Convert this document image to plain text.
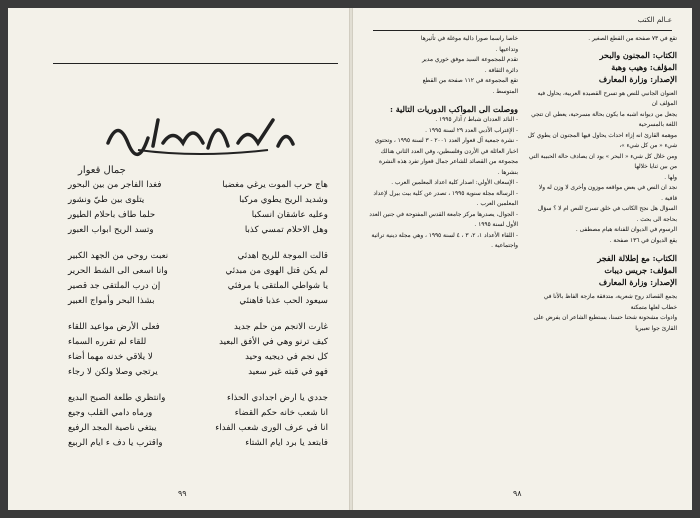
جمال قعوار
هاج حرب الموت يرغي مغضبا
فغدا الفاجر من بين البحور
وشديد الريح يطوي مركبا
يتلوى بين طيّ ونشور
وعليه عاشقان انسكبا
حلما طاف باحلام الطيور
وهل الاحلام تمسي كذبا
وتسد الريح ابواب العبور
قالت الموجة للريح اهدئي
نعبت روحي من الجهد الكبير
لم يكن قتل الهوى من مبدئي
وانا اسعى الى الشط الحرير
يا شواطي الملتقى يا مرفئي
إن درب الملتقى جد قصير
سيعود الحب عذبا فاهنئي
بشذا البحر وأمواج العبير
غارت الانجم من حلم جديد
فعلى الأرض مواعيد اللقاء
كيف ترنو وهي في الأفق البعيد
للقاء لم تقرره السماء
كل نجم في ديجيه وحيد
لا يلاقي خدنه مهما أضاء
فهو في قبته غير سعيد
يرتجي وصلا ولكن لا رجاء
جددي يا ارض اجدادي الحذاء
وانتظري طلعة الصبح البديع
انا شعب خانه حكم القضاء
ورماه دامي القلب وجيع
انا في عرف الورى شعب الفداء
يبتغي ناصية المجد الرفيع
فابتعد يا برد ايام الشتاء
واقترب يا دف ء ايام الربيع
٩٩
عـالم الكتب
تقع في ٧٣ صفحة من القطع الصغير .

الكتاب: المجنون والبحر

المؤلف: وهيب وهبة

الإصدار: وزارة المعارف

العنوان الجانبي للنص هو تسرح القصيدة العربية، يحاول فيه المؤلف ان

يجعل من ديوانه اشبه ما يكون بحالة مسرحية، يعطي ان تتجي اللغة بالمسرحية

موهمة القارئ انه إزاء احداث يحاول فيها المجنون ان يطوي كل شيء « من كل شيء »،

ومن خلال كل شيء « البحر » يود ان يصادف حالة الحبيبة التي من بين ثنايا خلالها

ولها .

نجد ان النص في بعض مواقعه موزون وأخرى لا وزن له ولا قافية .

السؤال هل نجح الكاتب في خلق تسرح للنص ام لا ؟ سؤال بحاجة الى بحث .

الرسوم في الديوان للفنانة هيام مصطفى .

يقع الديوان في ١٣٦ صفحة .

الكتاب: مع إطلالة الفجر

المؤلف: جريس ديبات

الإصدار: وزارة المعارف

يجمع القصائد روح شعرية، متدفقة مازجة الفاظ بالأنا في خطاب لعلها متمكنة

وادوات مشحونة شحنا حسنا، يستطيع الشاعر ان يفرض على القارئ جوا تعبيريا

خاصا راسما صورا دالية موغلة في تأثيرها

وتداعيها .

تقدم للمجموعة السيد موفق خوري مدير

دائرة الثقافة .

تقع المجموعة في ١١٢ صفحة من القطع

المتوسط .

ووصلت الى المواكب الدوريات التالية :

- النائد العددان شباط / آذار ١٩٩٥ .

- الإغتراب الأدبي العدد ٢٩ لسنة ١٩٩٥ .

- نشرة جمعية آل قعوار العدد ٢٠٠١ - ٣ لسنة ١٩٩٥ ، وتحتوي اخبار العائلة في الأردن وفلسطين، وفي العدد الثاني هنالك مجموعة من القصائد للشاعر جمال قعوار تفرد هذه النشرة بنشرها .

- الإسعاف الأولي: اصدار كلية اعداد المعلمين العرب .

- الرسالة مجلة سنوية ١٩٩٥ ، تصدر عن كلية بيت بيرل لإعداد المعلمين العرب .

- الجوال، يصدرها مركز جامعة القدس المفتوحة في جنين العدد الأول لسنة ١٩٩٥ .

- اللقاء الأعداد ١، ٢، ٣ ، ٤ لسنة ١٩٩٥ ، وهي مجلة دينية تراثية واجتماعية .

٩٨
